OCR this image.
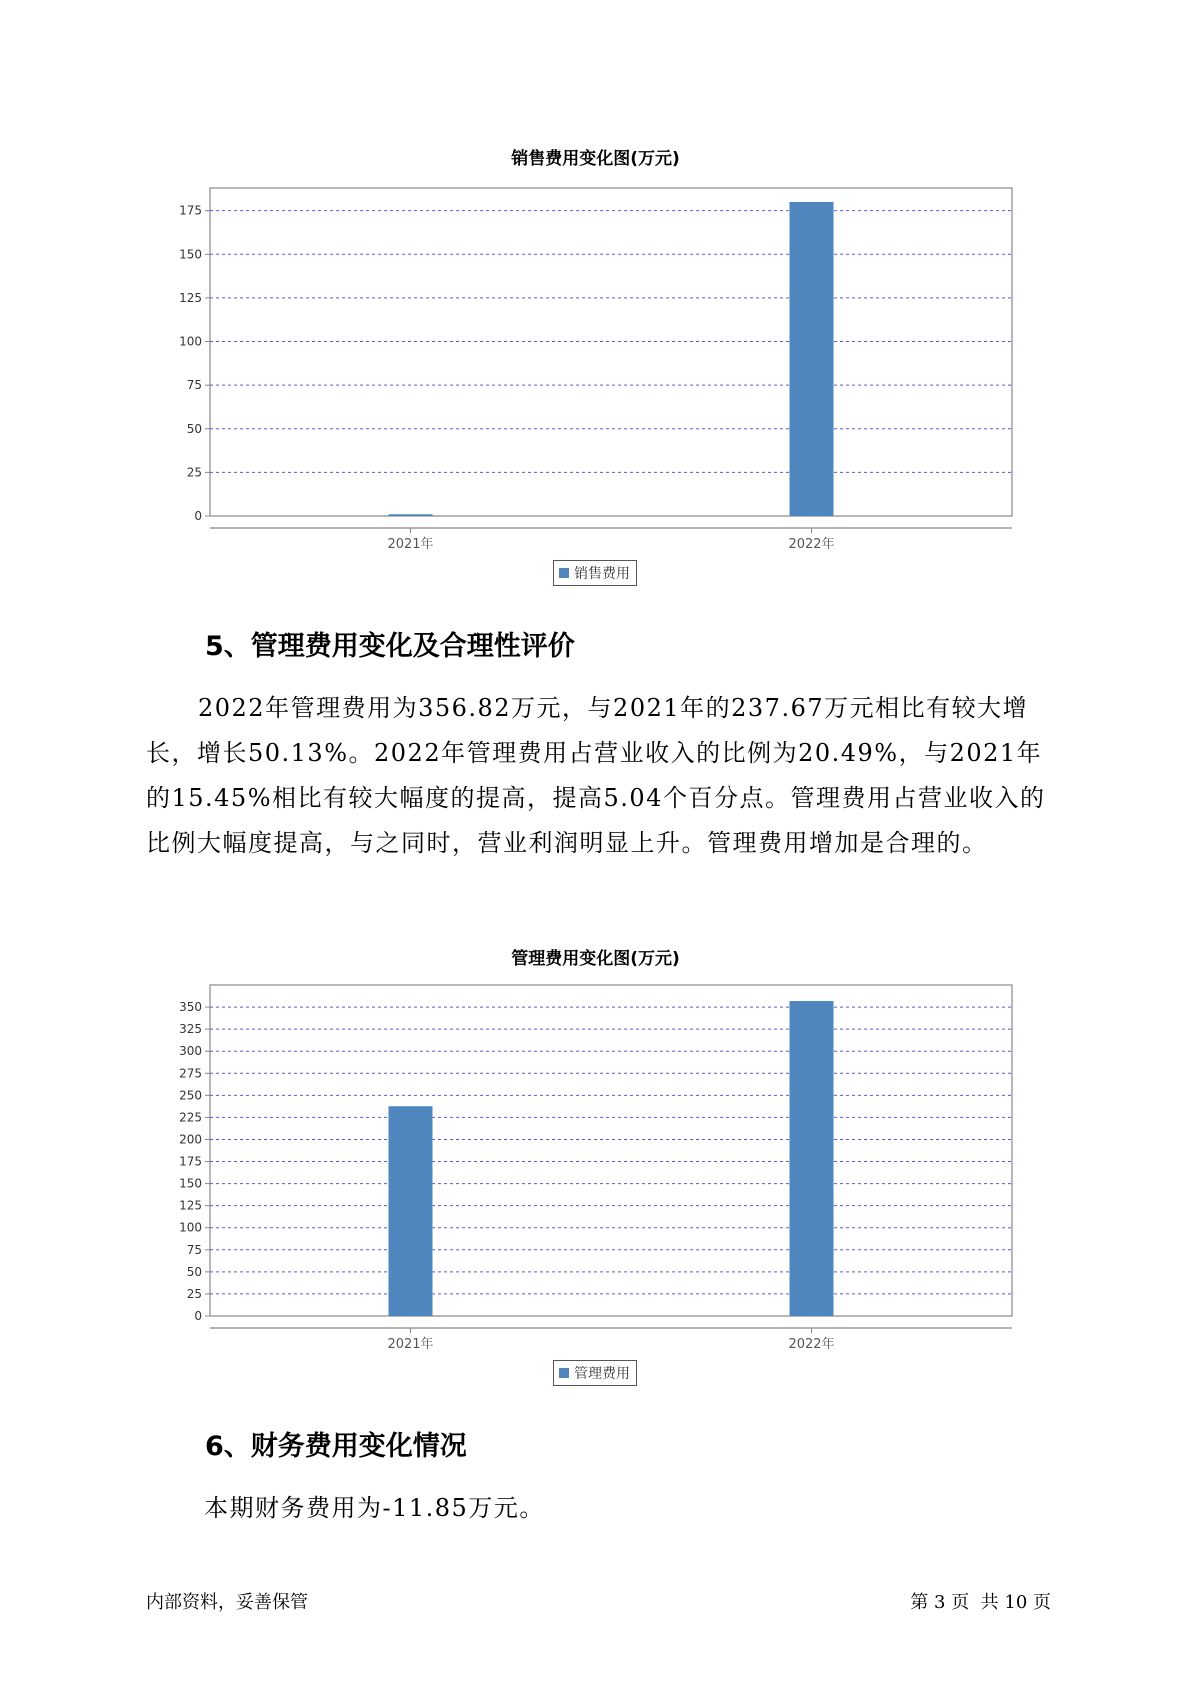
销售费用变化图(万元)
0
25
50
75
100
125
150
175
2021年	2022年
销售费用
5、管理费用变化及合理性评价

2022年管理费用为356.82万元，与2021年的237.67万元相比有较大增长，增长50.13%。2022年管理费用占营业收入的比例为20.49%，与2021年的15.45%相比有较大幅度的提高，提高5.04个百分点。管理费用占营业收入的比例大幅度提高，与之同时，营业利润明显上升。管理费用增加是合理的。

管理费用变化图(万元)
0
25
50
75
100
125
150
175
200
225
250
275
300
325
350
2021年	2022年
管理费用
6、财务费用变化情况

本期财务费用为-11.85万元。

内部资料，妥善保管	第 3 页  共 10 页
